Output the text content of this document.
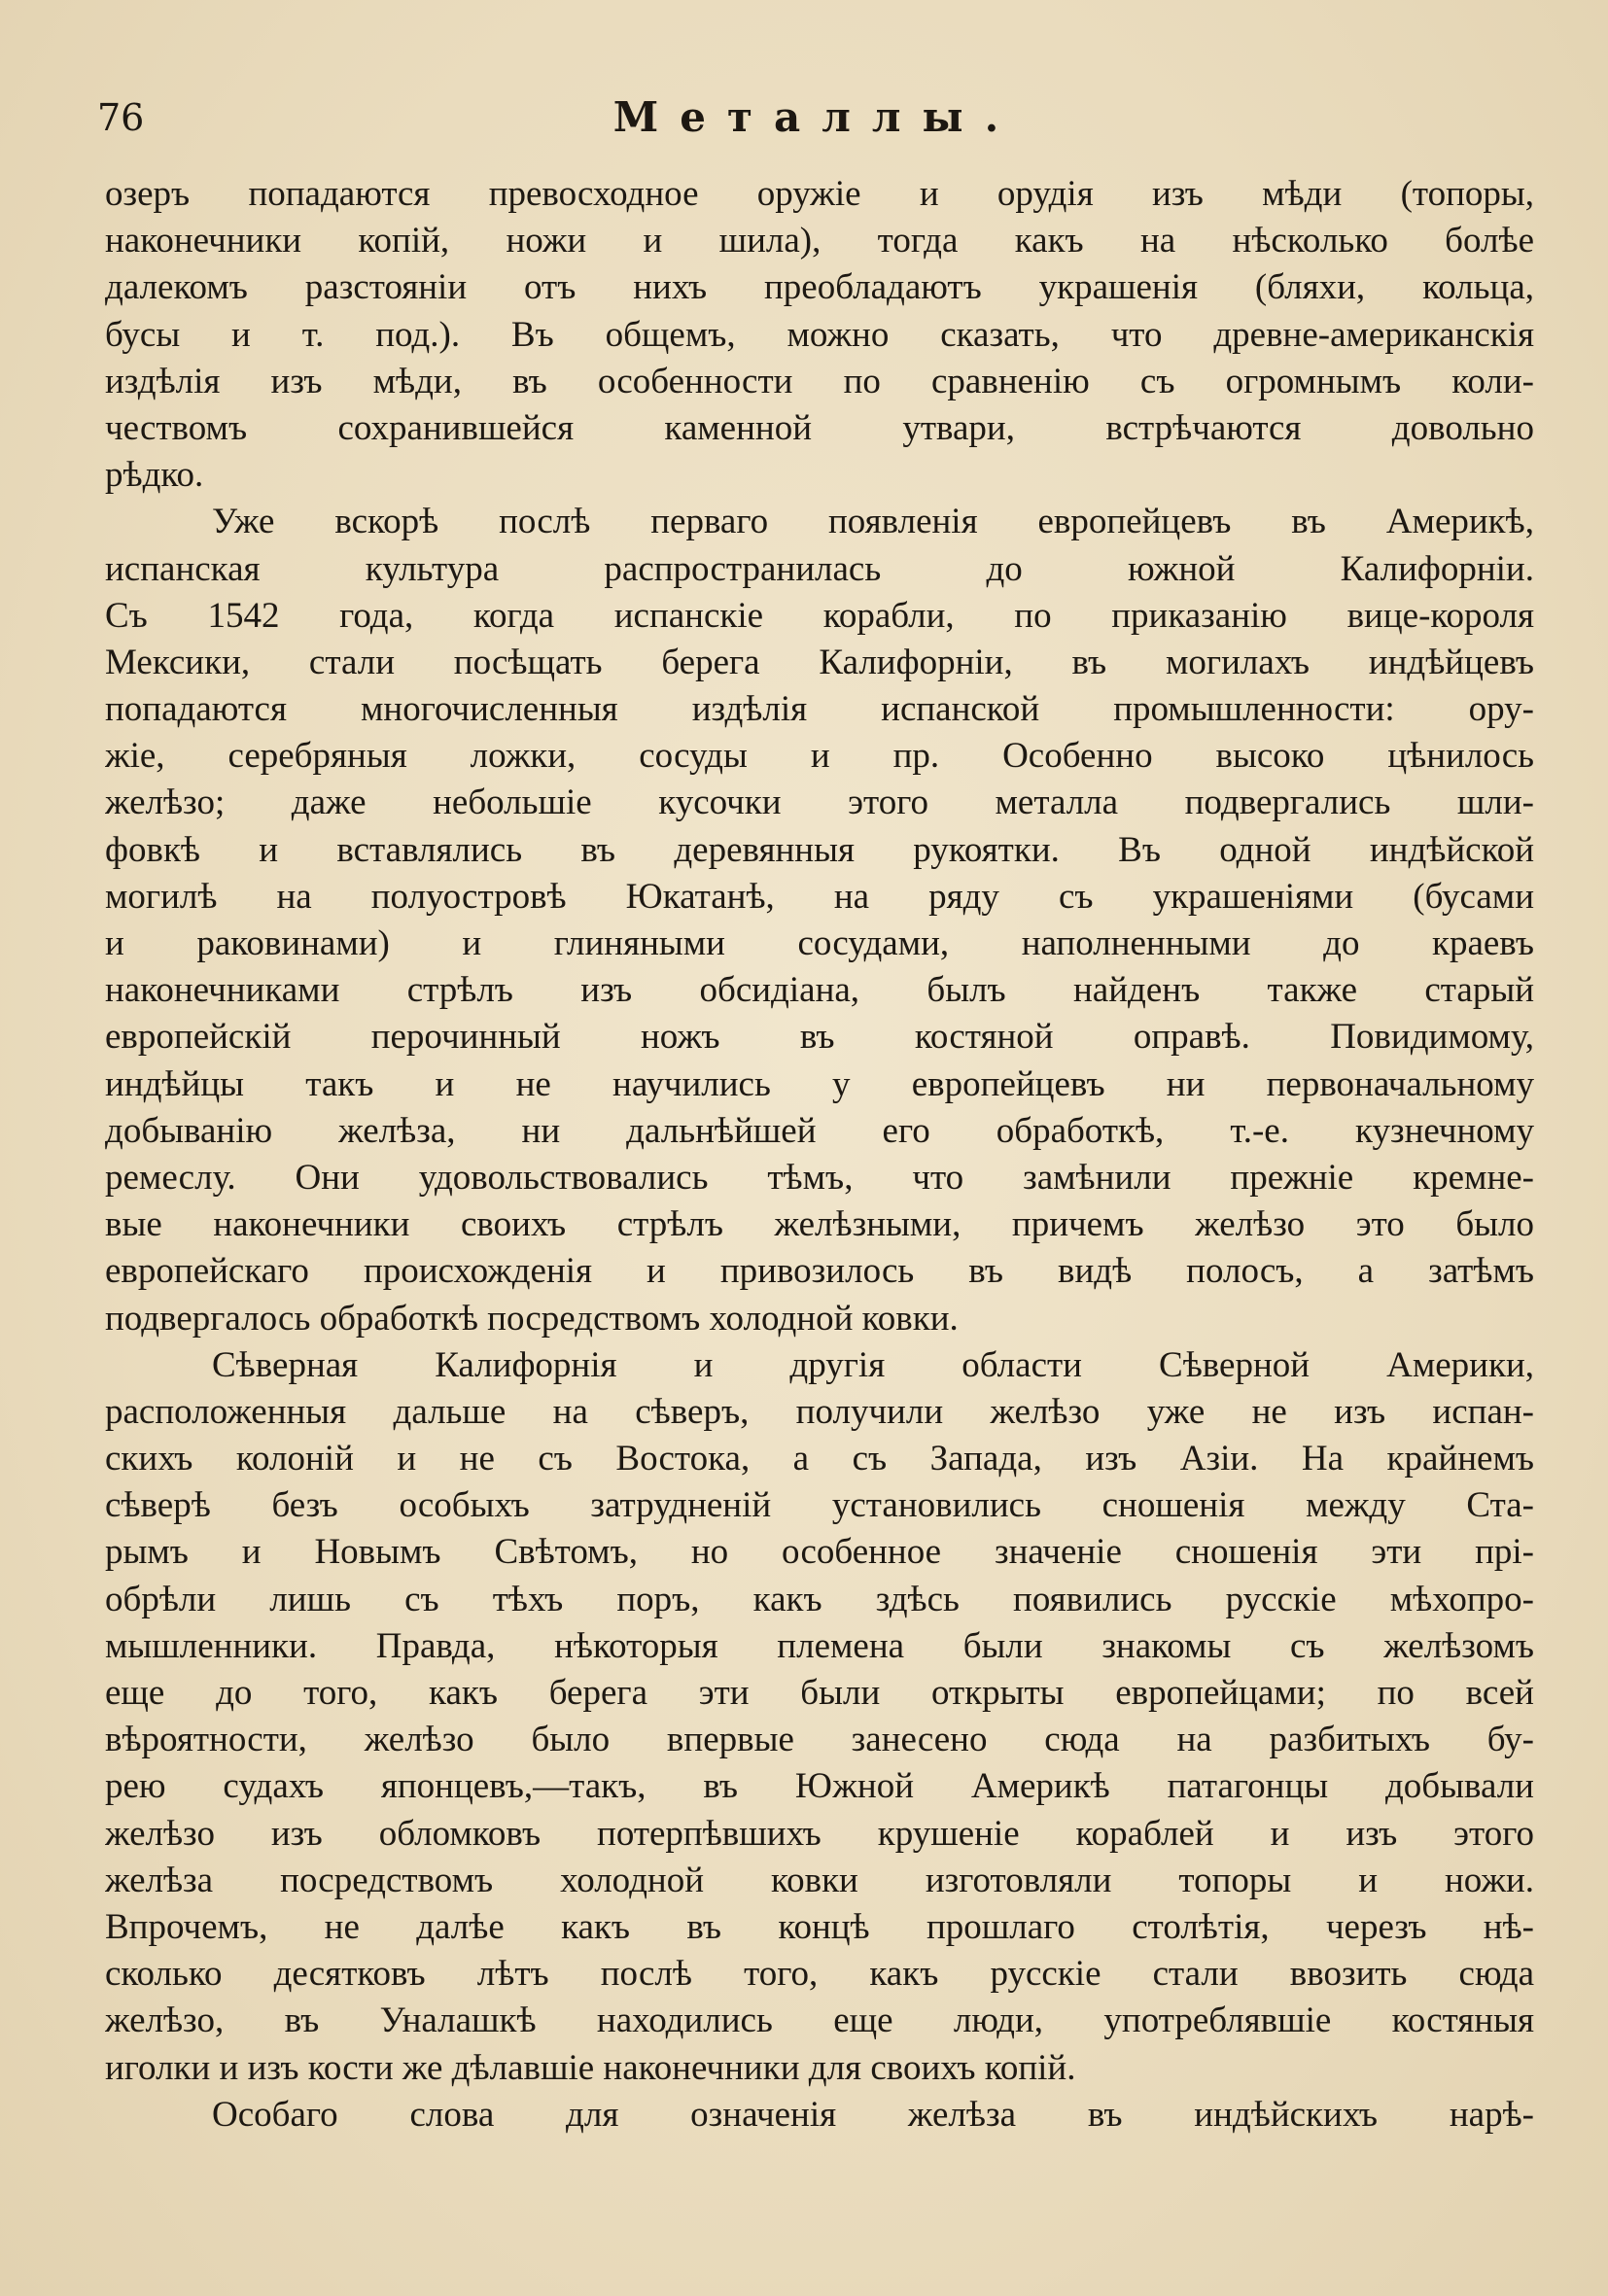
76	Металлы.
озеръ попадаются превосходное оружіе и орудія изъ мѣди (топоры,
наконечники копій, ножи и шила), тогда какъ на нѣсколько болѣе
далекомъ разстояніи отъ нихъ преобладаютъ украшенія (бляхи, кольца,
бусы и т. под.). Въ общемъ, можно сказать, что древне-американскія
издѣлія изъ мѣди, въ особенности по сравненію съ огромнымъ коли-
чествомъ сохранившейся каменной утвари, встрѣчаются довольно
рѣдко.
Уже вскорѣ послѣ перваго появленія европейцевъ въ Америкѣ,
испанская культура распространилась до южной Калифорніи.
Съ 1542 года, когда испанскіе корабли, по приказанію вице-короля
Мексики, стали посѣщать берега Калифорніи, въ могилахъ индѣйцевъ
попадаются многочисленныя издѣлія испанской промышленности: ору-
жіе, серебряныя ложки, сосуды и пр. Особенно высоко цѣнилось
желѣзо; даже небольшіе кусочки этого металла подвергались шли-
фовкѣ и вставлялись въ деревянныя рукоятки. Въ одной индѣйской
могилѣ на полуостровѣ Юкатанѣ, на ряду съ украшеніями (бусами
и раковинами) и глиняными сосудами, наполненными до краевъ
наконечниками стрѣлъ изъ обсидіана, былъ найденъ также старый
европейскій перочинный ножъ въ костяной оправѣ. Повидимому,
индѣйцы такъ и не научились у европейцевъ ни первоначальному
добыванію желѣза, ни дальнѣйшей его обработкѣ, т.-е. кузнечному
ремеслу. Они удовольствовались тѣмъ, что замѣнили прежніе кремне-
вые наконечники своихъ стрѣлъ желѣзными, причемъ желѣзо это было
европейскаго происхожденія и привозилось въ видѣ полосъ, а затѣмъ
подвергалось обработкѣ посредствомъ холодной ковки.
Сѣверная Калифорнія и другія области Сѣверной Америки,
расположенныя дальше на сѣверъ, получили желѣзо уже не изъ испан-
скихъ колоній и не съ Востока, а съ Запада, изъ Азіи. На крайнемъ
сѣверѣ безъ особыхъ затрудненій установились сношенія между Ста-
рымъ и Новымъ Свѣтомъ, но особенное значеніе сношенія эти прі-
обрѣли лишь съ тѣхъ поръ, какъ здѣсь появились русскіе мѣхопро-
мышленники. Правда, нѣкоторыя племена были знакомы съ желѣзомъ
еще до того, какъ берега эти были открыты европейцами; по всей
вѣроятности, желѣзо было впервые занесено сюда на разбитыхъ бу-
рею судахъ японцевъ,—такъ, въ Южной Америкѣ патагонцы добывали
желѣзо изъ обломковъ потерпѣвшихъ крушеніе кораблей и изъ этого
желѣза посредствомъ холодной ковки изготовляли топоры и ножи.
Впрочемъ, не далѣе какъ въ концѣ прошлаго столѣтія, черезъ нѣ-
сколько десятковъ лѣтъ послѣ того, какъ русскіе стали ввозить сюда
желѣзо, въ Уналашкѣ находились еще люди, употреблявшіе костяныя
иголки и изъ кости же дѣлавшіе наконечники для своихъ копій.
Особаго слова для означенія желѣза въ индѣйскихъ нарѣ-
